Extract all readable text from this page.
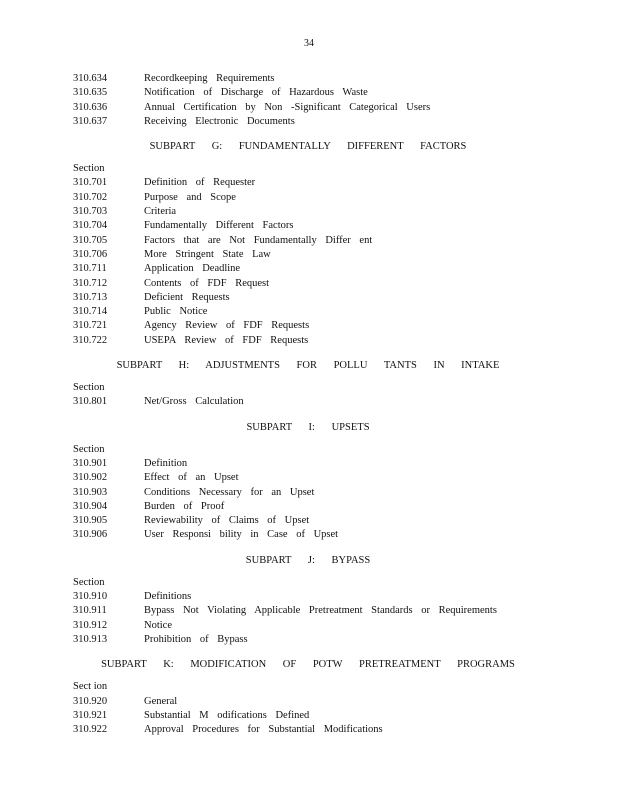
34
310.634	Recordkeeping Requirements
310.635	Notification of Discharge of Hazardous Waste
310.636	Annual Certification by Non -Significant Categorical Users
310.637	Receiving Electronic Documents
SUBPART G: FUNDAMENTALLY DIFFERENT FACTORS
Section
310.701	Definition of Requester
310.702	Purpose and Scope
310.703	Criteria
310.704	Fundamentally Different Factors
310.705	Factors that are Not Fundamentally Differ ent
310.706	More Stringent State Law
310.711	Application Deadline
310.712	Contents of FDF Request
310.713	Deficient Requests
310.714	Public Notice
310.721	Agency Review of FDF Requests
310.722	USEPA Review of FDF Requests
SUBPART H: ADJUSTMENTS FOR POLLU TANTS IN INTAKE
Section
310.801	Net/Gross Calculation
SUBPART I: UPSETS
Section
310.901	Definition
310.902	Effect of an Upset
310.903	Conditions Necessary for an Upset
310.904	Burden of Proof
310.905	Reviewability of Claims of Upset
310.906	User Responsi bility in Case of Upset
SUBPART J: BYPASS
Section
310.910	Definitions
310.911	Bypass Not Violating Applicable Pretreatment Standards or Requirements
310.912	Notice
310.913	Prohibition of Bypass
SUBPART K: MODIFICATION OF POTW PRETREATMENT PROGRAMS
Sect ion
310.920	General
310.921	Substantial M odifications Defined
310.922	Approval Procedures for Substantial Modifications
